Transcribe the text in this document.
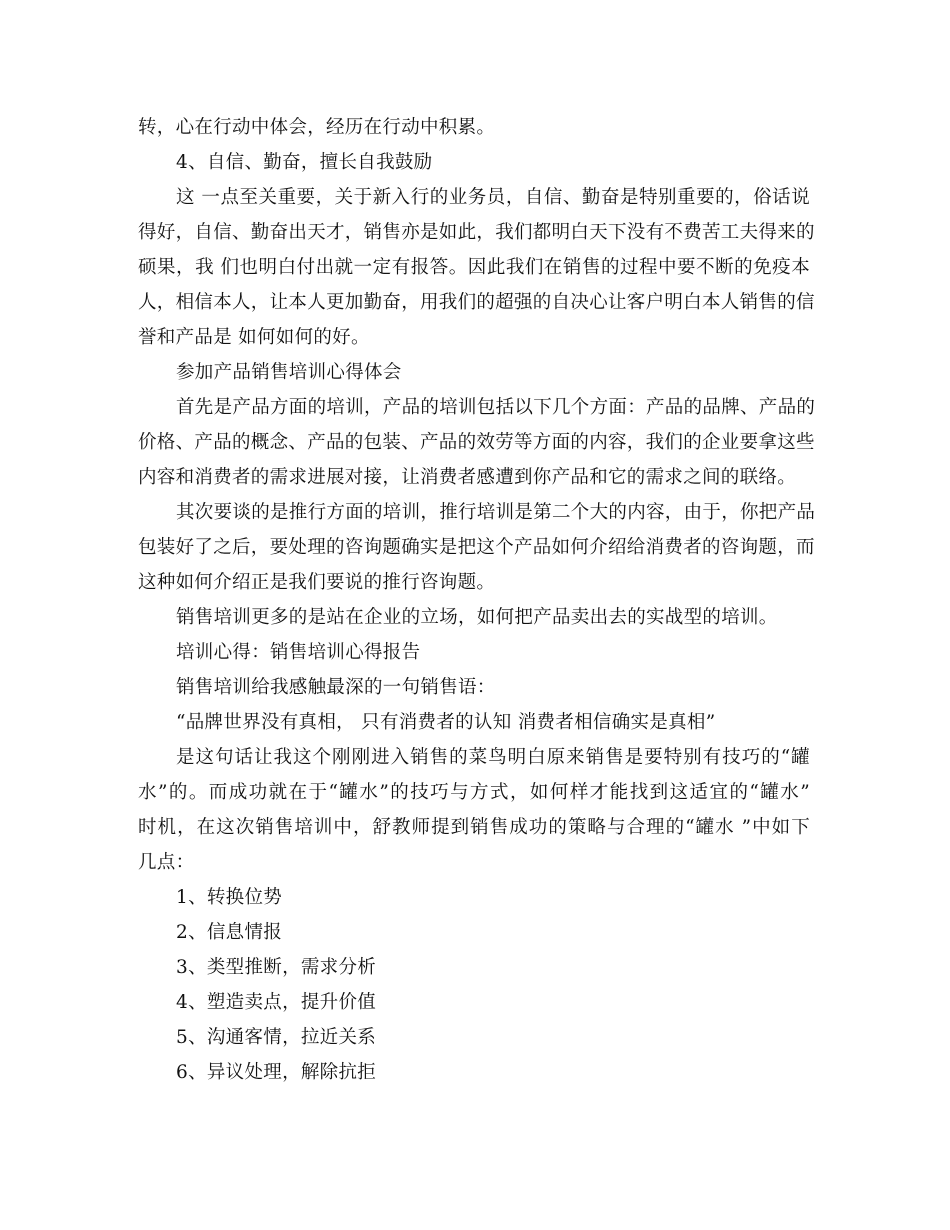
转，心在行动中体会，经历在行动中积累。
4、自信、勤奋，擅长自我鼓励
这 一点至关重要，关于新入行的业务员，自信、勤奋是特别重要的，俗话说
得好，自信、勤奋出天才，销售亦是如此，我们都明白天下没有不费苦工夫得来的
硕果，我 们也明白付出就一定有报答。因此我们在销售的过程中要不断的免疫本
人，相信本人，让本人更加勤奋，用我们的超强的自决心让客户明白本人销售的信
誉和产品是 如何如何的好。
参加产品销售培训心得体会
首先是产品方面的培训，产品的培训包括以下几个方面：产品的品牌、产品的
价格、产品的概念、产品的包装、产品的效劳等方面的内容，我们的企业要拿这些
内容和消费者的需求进展对接，让消费者感遭到你产品和它的需求之间的联络。
其次要谈的是推行方面的培训，推行培训是第二个大的内容，由于，你把产品
包装好了之后，要处理的咨询题确实是把这个产品如何介绍给消费者的咨询题，而
这种如何介绍正是我们要说的推行咨询题。
销售培训更多的是站在企业的立场，如何把产品卖出去的实战型的培训。
培训心得：销售培训心得报告
销售培训给我感触最深的一句销售语：
“品牌世界没有真相， 只有消费者的认知 消费者相信确实是真相”
是这句话让我这个刚刚进入销售的菜鸟明白原来销售是要特别有技巧的“罐
水”的。而成功就在于“罐水”的技巧与方式，如何样才能找到这适宜的“罐水”
时机，在这次销售培训中，舒教师提到销售成功的策略与合理的“罐水 ”中如下
几点：
1、转换位势
2、信息情报
3、类型推断，需求分析
4、塑造卖点，提升价值
5、沟通客情，拉近关系
6、异议处理，解除抗拒
